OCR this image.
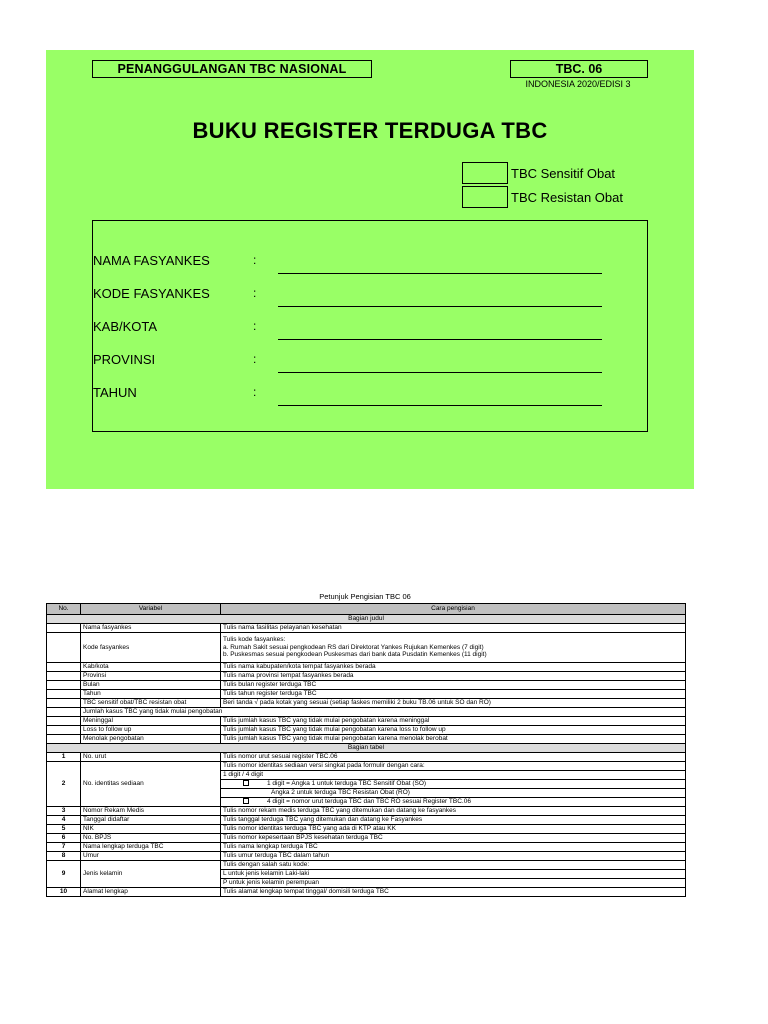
PENANGGULANGAN TBC NASIONAL	TBC. 06
INDONESIA 2020/EDISI 3
BUKU REGISTER TERDUGA TBC
TBC Sensitif Obat
TBC Resistan Obat
NAMA FASYANKES	:
KODE FASYANKES	:
KAB/KOTA	:
PROVINSI	:
TAHUN	:
Petunjuk Pengisian TBC 06
No.	Variabel	Cara pengisian
Bagian judul		
	Nama fasyankes	Tulis nama fasilitas pelayanan kesehatan
	Kode fasyankes	Tulis kode fasyankes:
a. Rumah Sakit sesuai pengkodean RS dari Direktorat Yankes Rujukan Kemenkes (7 digit)
b. Puskesmas sesuai pengkodean Puskesmas dari bank data Pusdatin Kemenkes (11 digit)

	Kab/kota	Tulis nama kabupaten/kota tempat fasyankes berada
	Provinsi	Tulis nama provinsi tempat fasyankes berada
	Bulan	Tulis bulan register terduga TBC
	Tahun	Tulis tahun register terduga TBC
	TBC sensitif obat/TBC resistan obat	Beri tanda √ pada kotak yang sesuai (setiap faskes memiliki 2 buku TB.06 untuk SO dan RO)
	Jumlah kasus TBC yang tidak mulai pengobatan	
	Meninggal	Tulis jumlah kasus TBC yang tidak mulai pengobatan karena meninggal
	Loss to follow up	Tulis jumlah kasus TBC yang tidak mulai pengobatan karena loss to follow up
	Menolak pengobatan	Tulis jumlah kasus TBC yang tidak mulai pengobatan karena menolak berobat
Bagian tabel		
1	No. urut	Tulis nomor urut sesuai register TBC.06
2	No. identitas sediaan	Tulis nomor identitas sediaan versi singkat pada formulir dengan cara:
		1 digit / 4 digit
		1 digit = Angka 1 untuk terduga TBC Sensitif Obat (SO)
		Angka 2 untuk terduga TBC Resistan Obat (RO)
		4 digit = nomor urut terduga TBC dan TBC RO sesuai Register TBC.06
3	Nomor Rekam Medis	Tulis nomor rekam medis terduga TBC yang ditemukan dan datang ke fasyankes
4	Tanggal didaftar	Tulis tanggal terduga TBC yang ditemukan dan datang ke Fasyankes
5	NIK	Tulis nomor identitas terduga TBC yang ada di KTP atau KK
6	No. BPJS	Tulis nomor kepesertaan BPJS kesehatan terduga TBC
7	Nama lengkap terduga TBC	Tulis nama lengkap terduga TBC
8	Umur	Tulis umur terduga TBC dalam tahun
9	Jenis kelamin	Tulis dengan salah satu kode:
		L untuk jenis kelamin Laki-laki
		P untuk jenis kelamin perempuan
10	Alamat lengkap	Tulis alamat lengkap tempat tinggal/ domisili terduga TBC
